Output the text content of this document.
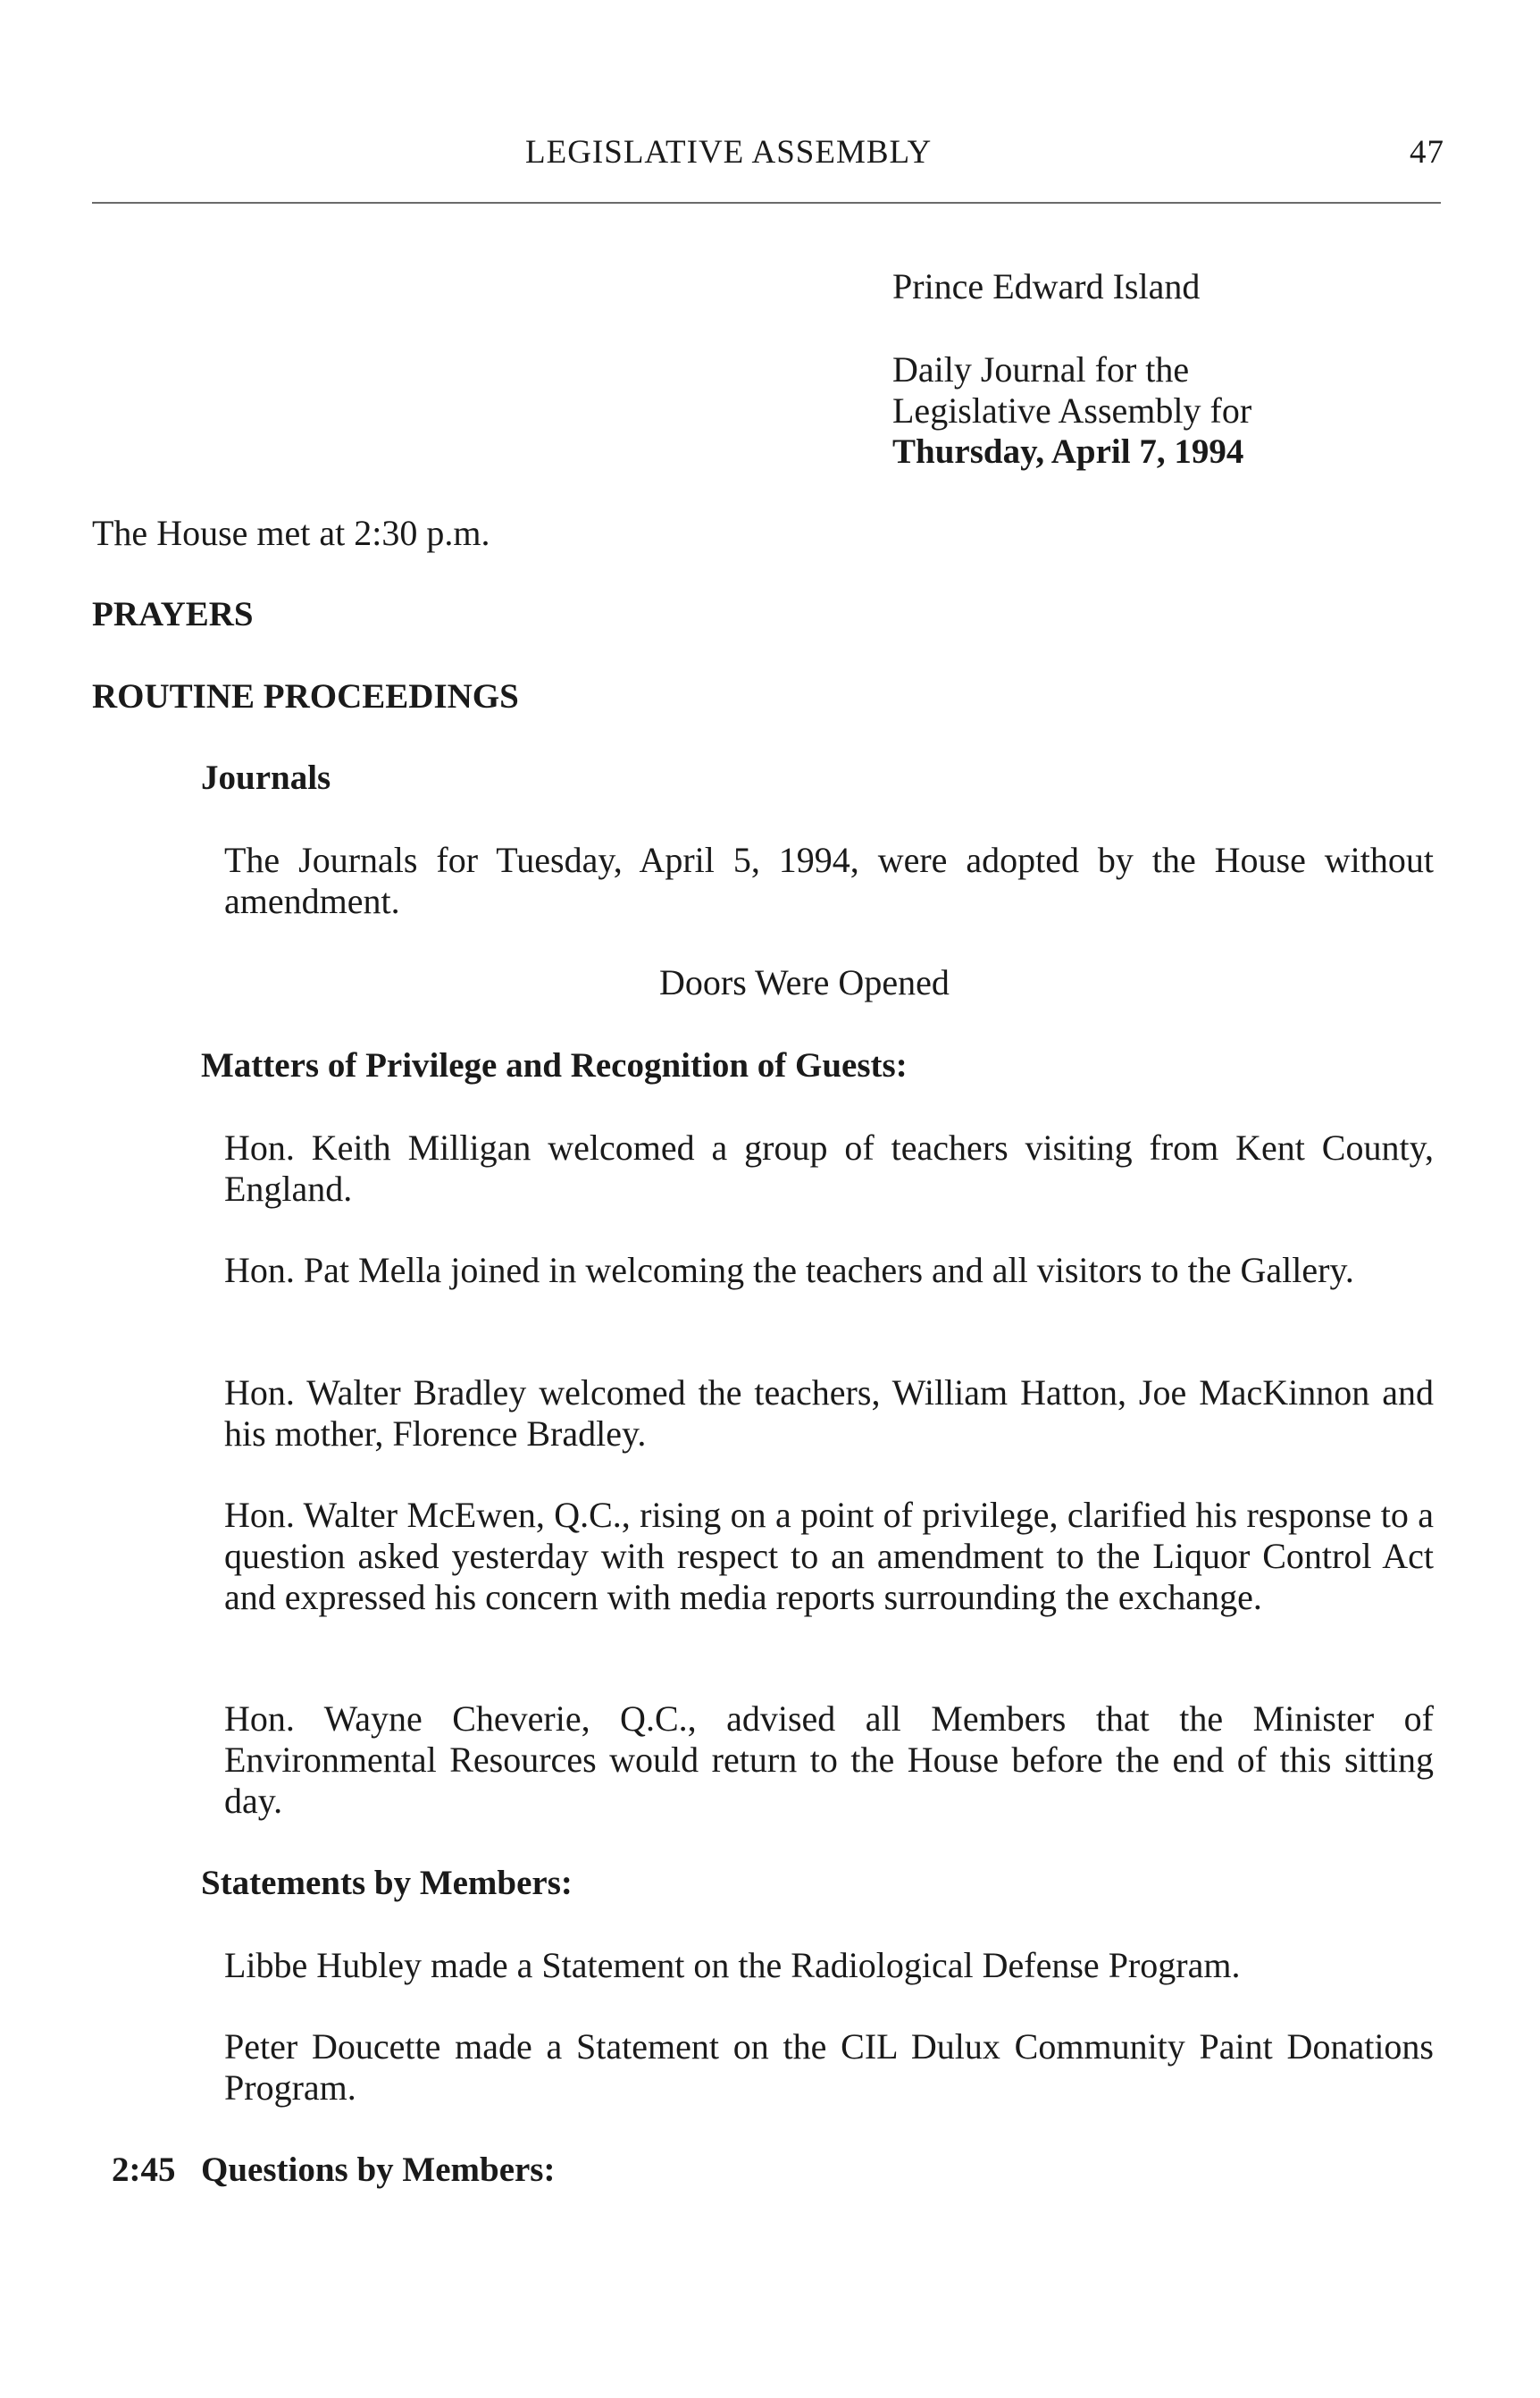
LEGISLATIVE ASSEMBLY	47
Prince Edward Island
Daily Journal for the
Legislative Assembly for
Thursday, April 7, 1994
The House met at 2:30 p.m.
PRAYERS
ROUTINE PROCEEDINGS
Journals
The Journals for Tuesday, April 5, 1994, were adopted by the House without amendment.
Doors Were Opened
Matters of Privilege and Recognition of Guests:
Hon. Keith Milligan welcomed a group of teachers visiting from Kent County, England.
Hon. Pat Mella joined in welcoming the teachers and all visitors to the Gallery.
Hon. Walter Bradley welcomed the teachers, William Hatton, Joe MacKinnon and his mother, Florence Bradley.
Hon. Walter McEwen, Q.C., rising on a point of privilege, clarified his response to a question asked yesterday with respect to an amendment to the Liquor Control Act and expressed his concern with media reports surrounding the exchange.
Hon. Wayne Cheverie, Q.C., advised all Members that the Minister of Environmental Resources would return to the House before the end of this sitting day.
Statements by Members:
Libbe Hubley made a Statement on the Radiological Defense Program.
Peter Doucette made a Statement on the CIL Dulux Community Paint Donations Program.
2:45 Questions by Members:
